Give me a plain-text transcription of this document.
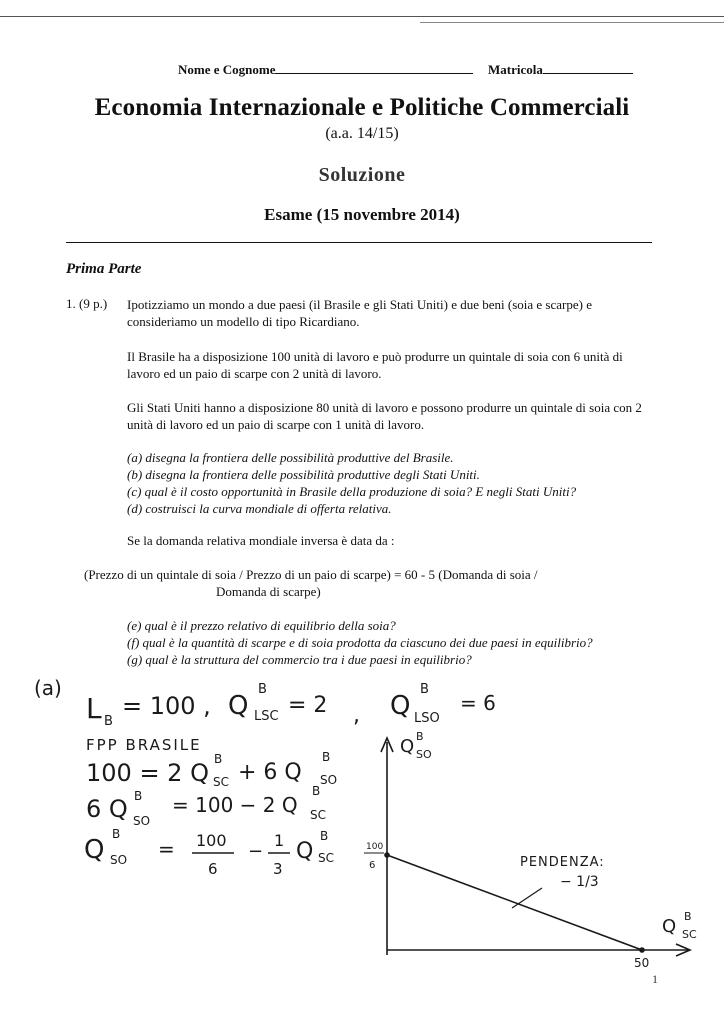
Nome e Cognome	Matricola
Economia Internazionale e Politiche Commerciali
(a.a. 14/15)
Soluzione
Esame (15 novembre 2014)
Prima Parte
1. (9 p.) Ipotizziamo un mondo a due paesi (il Brasile e gli Stati Uniti) e due beni (soia e scarpe) e consideriamo un modello di tipo Ricardiano.
Il Brasile ha a disposizione 100 unità di lavoro e può produrre un quintale di soia con 6 unità di lavoro ed un paio di scarpe con 2 unità di lavoro.
Gli Stati Uniti hanno a disposizione 80 unità di lavoro e possono produrre un quintale di soia con 2 unità di lavoro ed un paio di scarpe con 1 unità di lavoro.
(a) disegna la frontiera delle possibilità produttive del Brasile.
(b) disegna la frontiera delle possibilità produttive degli Stati Uniti.
(c) qual è il costo opportunità in Brasile della produzione di soia? E negli Stati Uniti?
(d) costruisci la curva mondiale di offerta relativa.
Se la domanda relativa mondiale inversa è data da :
(Prezzo di un quintale di soia / Prezzo di un paio di scarpe) = 60 - 5 (Domanda di soia /
Domanda di scarpe)
(e) qual è il prezzo relativo di equilibrio della soia?
(f) qual è la quantità di scarpe e di soia prodotta da ciascuno dei due paesi in equilibrio?
(g) qual è la struttura del commercio tra i due paesi in equilibrio?
(a)
L B
= 100 , Q
B
LSC = 2 , Q
B
LSO
= 6
FPP BRASILE
100 = 2 Q B
SC + 6 Q
B
SO
6 Q B
SO
= 100 − 2 Q
B
SC
Q
B
SO = 100
6
−
1
3
Q
B
SC
Q B
SO
Q B
SC
100
6
50
PENDENZA:
− 1/3
1
